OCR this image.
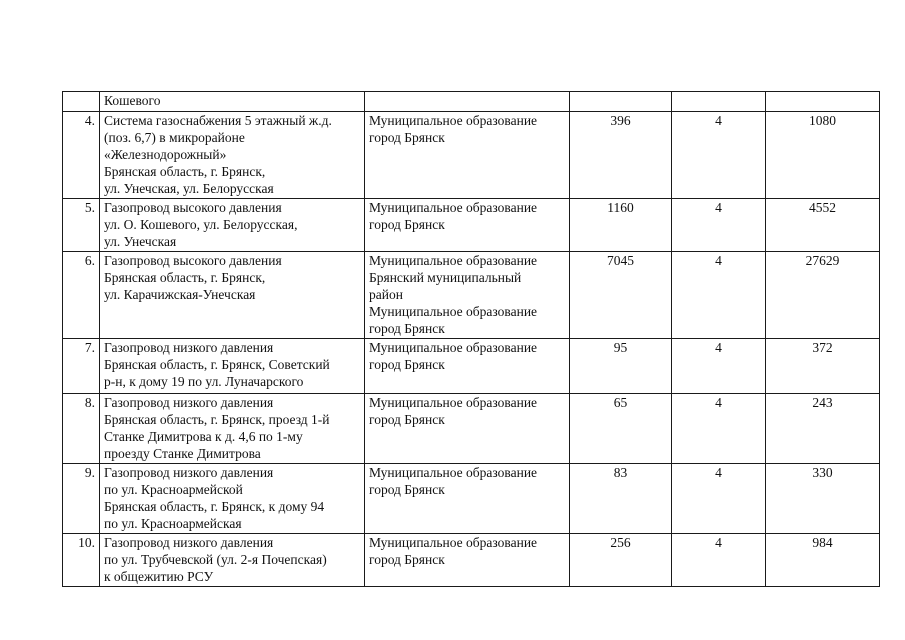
	Кошевого				
4.	Система газоснабжения 5 этажный ж.д.
(поз. 6,7) в микрорайоне
«Железнодорожный»
Брянская область, г. Брянск,
ул. Унечская, ул. Белорусская	Муниципальное образование
город Брянск	396	4	1080
5.	Газопровод высокого давления
ул. О. Кошевого, ул. Белорусская,
ул. Унечская	Муниципальное образование
город Брянск	1160	4	4552
6.	Газопровод высокого давления
Брянская область, г. Брянск,
ул. Карачижская-Унечская	Муниципальное образование
Брянский муниципальный
район
Муниципальное образование
город Брянск	7045	4	27629
7.	Газопровод низкого давления
Брянская область, г. Брянск, Советский
р-н, к дому 19 по ул. Луначарского	Муниципальное образование
город Брянск	95	4	372
8.	Газопровод низкого давления
Брянская область, г. Брянск, проезд 1-й
Станке Димитрова к д. 4,6 по 1-му
проезду Станке Димитрова	Муниципальное образование
город Брянск	65	4	243
9.	Газопровод низкого давления
по ул. Красноармейской
Брянская область, г. Брянск, к дому 94
по ул. Красноармейская	Муниципальное образование
город Брянск	83	4	330
10.	Газопровод низкого давления
по ул. Трубчевской (ул. 2-я Почепская)
к общежитию РСУ	Муниципальное образование
город Брянск	256	4	984
